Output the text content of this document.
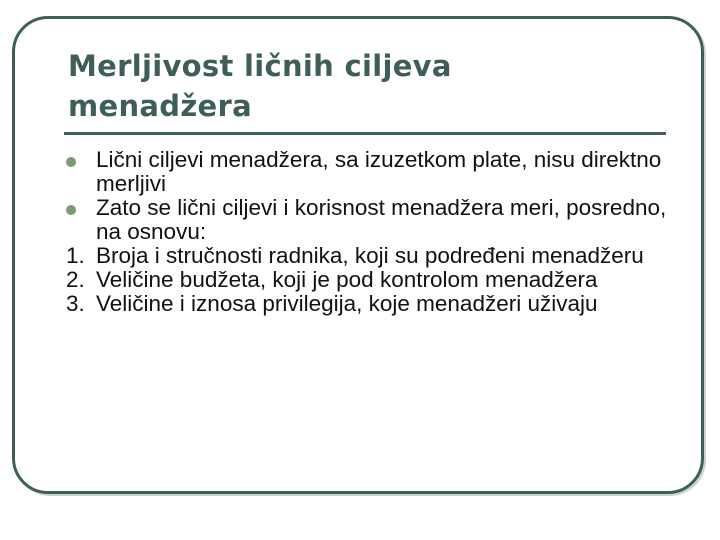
Merljivost ličnih ciljeva
menadžera
Lični ciljevi menadžera, sa izuzetkom plate, nisu direktno merljivi
Zato se lični ciljevi i korisnost menadžera meri, posredno, na osnovu:
1. Broja i stručnosti radnika, koji su podređeni menadžeru
2. Veličine budžeta, koji je pod kontrolom menadžera
3. Veličine i iznosa privilegija, koje menadžeri uživaju
